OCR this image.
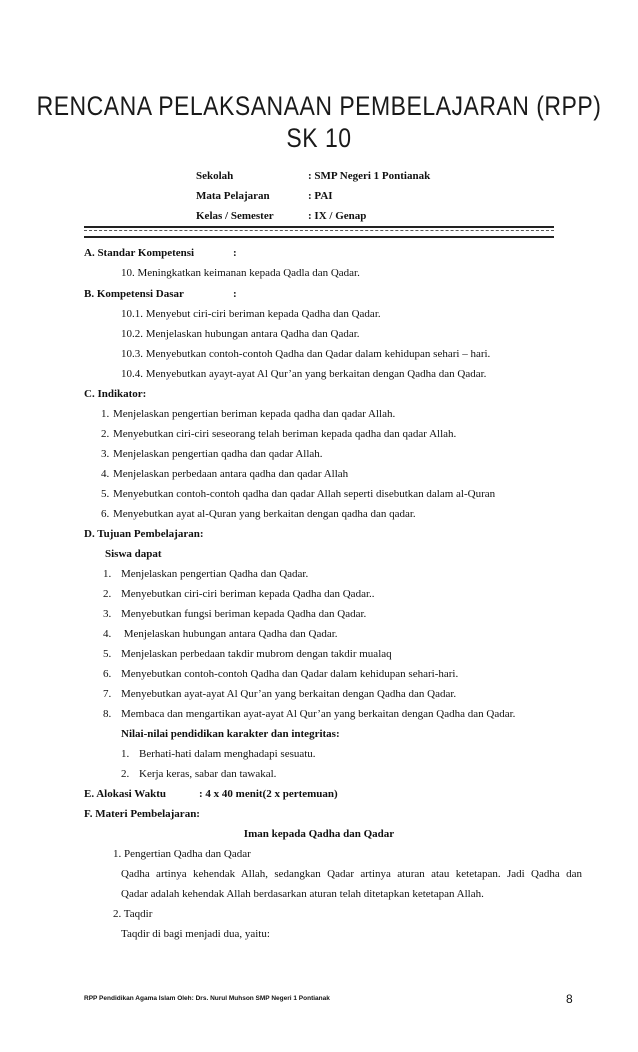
RENCANA PELAKSANAAN PEMBELAJARAN (RPP)
SK 10
Sekolah	: SMP Negeri 1 Pontianak
Mata Pelajaran	: PAI
Kelas / Semester	: IX / Genap
A. Standar Kompetensi	:
10. Meningkatkan keimanan kepada Qadla dan Qadar.
B. Kompetensi Dasar	:
10.1. Menyebut ciri-ciri beriman kepada Qadha dan Qadar.
10.2. Menjelaskan hubungan antara Qadha dan Qadar.
10.3. Menyebutkan contoh-contoh Qadha dan Qadar dalam kehidupan sehari – hari.
10.4. Menyebutkan ayayt-ayat Al Qur’an yang berkaitan dengan Qadha dan Qadar.
C. Indikator:
1. Menjelaskan pengertian beriman kepada qadha dan qadar Allah.
2. Menyebutkan ciri-ciri seseorang telah beriman kepada qadha dan qadar Allah.
3. Menjelaskan pengertian qadha dan qadar Allah.
4. Menjelaskan perbedaan antara qadha dan qadar Allah
5. Menyebutkan contoh-contoh qadha dan qadar Allah seperti disebutkan dalam al-Quran
6. Menyebutkan ayat al-Quran yang berkaitan dengan qadha dan qadar.
D. Tujuan Pembelajaran:
Siswa dapat
1. Menjelaskan pengertian Qadha dan Qadar.
2. Menyebutkan ciri-ciri beriman kepada Qadha dan Qadar..
3. Menyebutkan fungsi beriman kepada Qadha dan Qadar.
4. Menjelaskan hubungan antara Qadha dan Qadar.
5. Menjelaskan perbedaan takdir mubrom dengan takdir mualaq
6. Menyebutkan contoh-contoh Qadha dan Qadar dalam kehidupan sehari-hari.
7. Menyebutkan ayat-ayat Al Qur’an yang berkaitan dengan Qadha dan Qadar.
8. Membaca dan mengartikan ayat-ayat Al Qur’an yang berkaitan dengan Qadha dan Qadar.
Nilai-nilai pendidikan karakter dan integritas:
1. Berhati-hati dalam menghadapi sesuatu.
2. Kerja keras, sabar dan tawakal.
E. Alokasi Waktu	: 4 x 40 menit(2 x pertemuan)
F. Materi Pembelajaran:
Iman kepada Qadha dan Qadar
1. Pengertian Qadha dan Qadar
Qadha artinya kehendak Allah, sedangkan Qadar artinya aturan atau ketetapan. Jadi Qadha dan
Qadar adalah kehendak Allah berdasarkan aturan telah ditetapkan ketetapan Allah.
2. Taqdir
Taqdir di bagi menjadi dua, yaitu:
RPP Pendidikan Agama Islam Oleh: Drs. Nurul Muhson SMP Negeri 1 Pontianak	8
